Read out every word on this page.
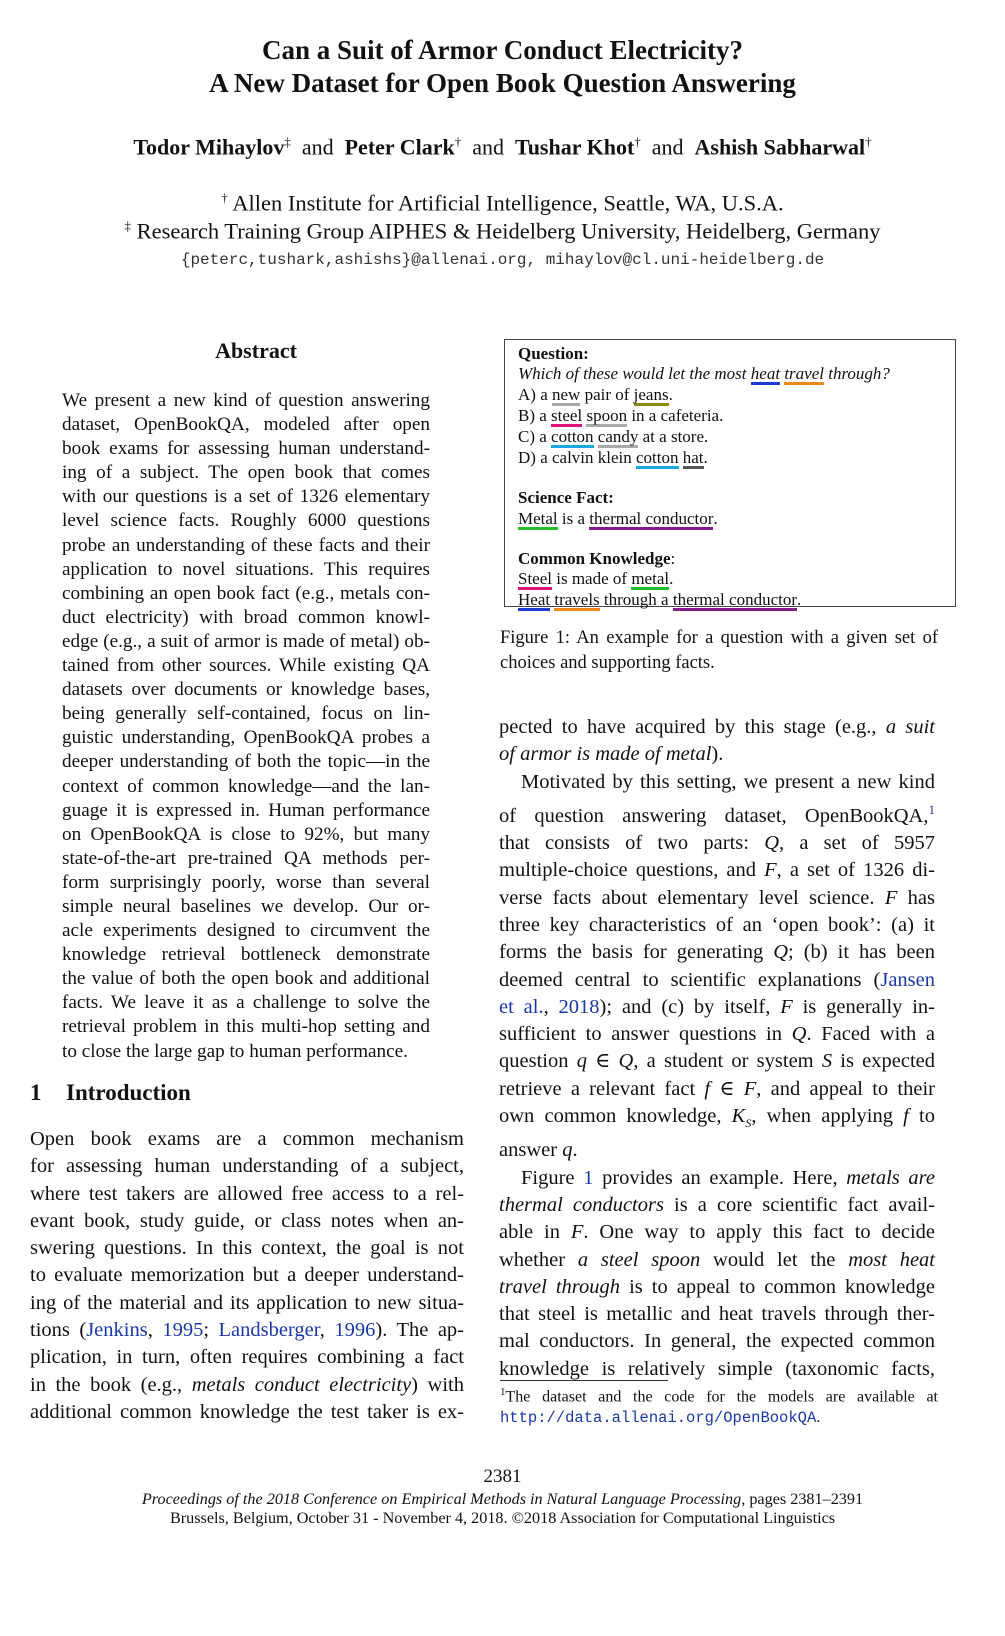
Can a Suit of Armor Conduct Electricity?
A New Dataset for Open Book Question Answering
Todor Mihaylov‡ and Peter Clark† and Tushar Khot† and Ashish Sabharwal†
† Allen Institute for Artificial Intelligence, Seattle, WA, U.S.A.
‡ Research Training Group AIPHES & Heidelberg University, Heidelberg, Germany
{peterc,tushark,ashishs}@allenai.org, mihaylov@cl.uni-heidelberg.de
Abstract
We present a new kind of question answering
dataset, OpenBookQA, modeled after open
book exams for assessing human understand-
ing of a subject. The open book that comes
with our questions is a set of 1326 elementary
level science facts. Roughly 6000 questions
probe an understanding of these facts and their
application to novel situations. This requires
combining an open book fact (e.g., metals con-
duct electricity) with broad common knowl-
edge (e.g., a suit of armor is made of metal) ob-
tained from other sources. While existing QA
datasets over documents or knowledge bases,
being generally self-contained, focus on lin-
guistic understanding, OpenBookQA probes a
deeper understanding of both the topic—in the
context of common knowledge—and the lan-
guage it is expressed in. Human performance
on OpenBookQA is close to 92%, but many
state-of-the-art pre-trained QA methods per-
form surprisingly poorly, worse than several
simple neural baselines we develop. Our or-
acle experiments designed to circumvent the
knowledge retrieval bottleneck demonstrate
the value of both the open book and additional
facts. We leave it as a challenge to solve the
retrieval problem in this multi-hop setting and
to close the large gap to human performance.
1 Introduction
Open book exams are a common mechanism
for assessing human understanding of a subject,
where test takers are allowed free access to a rel-
evant book, study guide, or class notes when an-
swering questions. In this context, the goal is not
to evaluate memorization but a deeper understand-
ing of the material and its application to new situa-
tions (Jenkins, 1995; Landsberger, 1996). The ap-
plication, in turn, often requires combining a fact
in the book (e.g., metals conduct electricity) with
additional common knowledge the test taker is ex-
Question:
Which of these would let the most heat travel through?
A) a new pair of jeans.
B) a steel spoon in a cafeteria.
C) a cotton candy at a store.
D) a calvin klein cotton hat.
Science Fact:
Metal is a thermal conductor.
Common Knowledge:
Steel is made of metal.
Heat travels through a thermal conductor.
Figure 1: An example for a question with a given set of choices and supporting facts.
pected to have acquired by this stage (e.g., a suit
of armor is made of metal).
Motivated by this setting, we present a new kind
of question answering dataset, OpenBookQA,$^1$
that consists of two parts: Q, a set of 5957
multiple-choice questions, and F, a set of 1326 di-
verse facts about elementary level science. F has
three key characteristics of an ‘open book’: (a) it
forms the basis for generating Q; (b) it has been
deemed central to scientific explanations (Jansen
et al., 2018); and (c) by itself, F is generally in-
sufficient to answer questions in Q. Faced with a
question q ∈ Q, a student or system S is expected
retrieve a relevant fact f ∈ F, and appeal to their
own common knowledge, $K_S$, when applying f to
answer q.
Figure 1 provides an example. Here, metals are
thermal conductors is a core scientific fact avail-
able in F. One way to apply this fact to decide
whether a steel spoon would let the most heat
travel through is to appeal to common knowledge
that steel is metallic and heat travels through ther-
mal conductors. In general, the expected common
knowledge is relatively simple (taxonomic facts,
$^1$The dataset and the code for the models are available at
http://data.allenai.org/OpenBookQA.
2381
Proceedings of the 2018 Conference on Empirical Methods in Natural Language Processing, pages 2381–2391
Brussels, Belgium, October 31 - November 4, 2018. ©2018 Association for Computational Linguistics
